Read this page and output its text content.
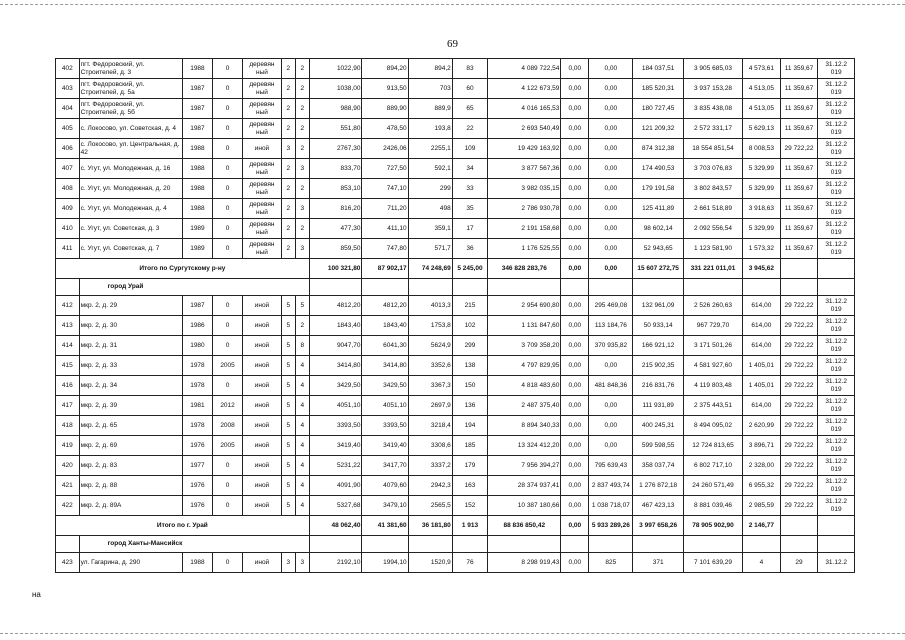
69
402	пгт. Федоровский, ул. Строителей, д. 3	1988	0	деревян ный	2	2	1022,90	894,20	894,2	83	4 089 722,54	0,00	0,00	184 037,51	3 905 685,03	4 573,61	11 359,67	31.12.2 019
403	пгт. Федоровский, ул. Строителей, д. 5а	1987	0	деревян ный	2	2	1038,00	913,50	703	60	4 122 673,59	0,00	0,00	185 520,31	3 937 153,28	4 513,05	11 359,67	31.12.2 019
404	пгт. Федоровский, ул. Строителей, д. 5б	1987	0	деревян ный	2	2	988,90	889,90	889,9	65	4 016 165,53	0,00	0,00	180 727,45	3 835 438,08	4 513,05	11 359,67	31.12.2 019
405	с. Локосово, ул. Советская, д. 4	1987	0	деревян ный	2	2	551,80	478,50	193,8	22	2 693 540,49	0,00	0,00	121 209,32	2 572 331,17	5 629,13	11 359,67	31.12.2 019
406	с. Локосово, ул. Центральная, д. 42	1988	0	иной	3	2	2767,30	2426,06	2255,1	109	19 429 163,92	0,00	0,00	874 312,38	18 554 851,54	8 008,53	29 722,22	31.12.2 019
407	с. Угут, ул. Молодежная, д. 16	1988	0	деревян ный	2	3	833,70	727,50	592,1	34	3 877 567,36	0,00	0,00	174 490,53	3 703 076,83	5 329,99	11 359,67	31.12.2 019
408	с. Угут, ул. Молодежная, д. 20	1988	0	деревян ный	2	2	853,10	747,10	299	33	3 982 035,15	0,00	0,00	179 191,58	3 802 843,57	5 329,99	11 359,67	31.12.2 019
409	с. Угут, ул. Молодежная, д. 4	1988	0	деревян ный	2	3	816,20	711,20	498	35	2 786 930,78	0,00	0,00	125 411,89	2 661 518,89	3 918,63	11 359,67	31.12.2 019
410	с. Угут, ул. Советская, д. 3	1989	0	деревян ный	2	2	477,30	411,10	359,1	17	2 191 158,68	0,00	0,00	98 602,14	2 092 556,54	5 329,99	11 359,67	31.12.2 019
411	с. Угут, ул. Советская, д. 7	1989	0	деревян ный	2	3	859,50	747,80	571,7	36	1 176 525,55	0,00	0,00	52 943,65	1 123 581,90	1 573,32	11 359,67	31.12.2 019
Итого по Сургутскому р-ну							100 321,80	87 902,17	74 248,69	5 245,00	346 828 283,76	0,00	0,00	15 607 272,75	331 221 011,01	3 945,62		
	город Урай																	
412	мкр. 2, д. 29	1987	0	иной	5	5	4812,20	4812,20	4013,3	215	2 954 690,80	0,00	295 469,08	132 961,09	2 526 260,63	614,00	29 722,22	31.12.2 019
413	мкр. 2, д. 30	1986	0	иной	5	2	1843,40	1843,40	1753,8	102	1 131 847,60	0,00	113 184,76	50 933,14	967 729,70	614,00	29 722,22	31.12.2 019
414	мкр. 2, д. 31	1980	0	иной	5	8	9047,70	6041,30	5624,9	299	3 709 358,20	0,00	370 935,82	166 921,12	3 171 501,26	614,00	29 722,22	31.12.2 019
415	мкр. 2, д. 33	1978	2005	иной	5	4	3414,80	3414,80	3352,6	138	4 797 829,95	0,00	0,00	215 902,35	4 581 927,60	1 405,01	29 722,22	31.12.2 019
416	мкр. 2, д. 34	1978	0	иной	5	4	3429,50	3429,50	3367,3	150	4 818 483,60	0,00	481 848,36	216 831,76	4 119 803,48	1 405,01	29 722,22	31.12.2 019
417	мкр. 2, д. 39	1981	2012	иной	5	4	4051,10	4051,10	2697,9	136	2 487 375,40	0,00	0,00	111 931,89	2 375 443,51	614,00	29 722,22	31.12.2 019
418	мкр. 2, д. 65	1978	2008	иной	5	4	3393,50	3393,50	3218,4	194	8 894 340,33	0,00	0,00	400 245,31	8 494 095,02	2 620,99	29 722,22	31.12.2 019
419	мкр. 2, д. 69	1976	2005	иной	5	4	3419,40	3419,40	3308,6	185	13 324 412,20	0,00	0,00	599 598,55	12 724 813,65	3 896,71	29 722,22	31.12.2 019
420	мкр. 2, д. 83	1977	0	иной	5	4	5231,22	3417,70	3337,2	179	7 956 394,27	0,00	795 639,43	358 037,74	6 802 717,10	2 328,00	29 722,22	31.12.2 019
421	мкр. 2, д. 88	1976	0	иной	5	4	4091,90	4079,60	2942,3	163	28 374 937,41	0,00	2 837 493,74	1 276 872,18	24 260 571,49	6 955,32	29 722,22	31.12.2 019
422	мкр. 2, д. 89А	1976	0	иной	5	4	5327,68	3479,10	2565,5	152	10 387 180,66	0,00	1 038 718,07	467 423,13	8 881 039,46	2 985,59	29 722,22	31.12.2 019
Итого по г. Урай							48 062,40	41 381,60	36 181,80	1 913	88 836 850,42	0,00	5 933 289,26	3 997 658,26	78 905 902,90	2 146,77		
	город Ханты-Мансийск																	
423	ул. Гагарина, д. 290	1988	0	иной	3	3	2192,10	1994,10	1520,9	76	8 298 919,43	0,00	825	371	7 101 639,29	4	29	31.12.2
на
